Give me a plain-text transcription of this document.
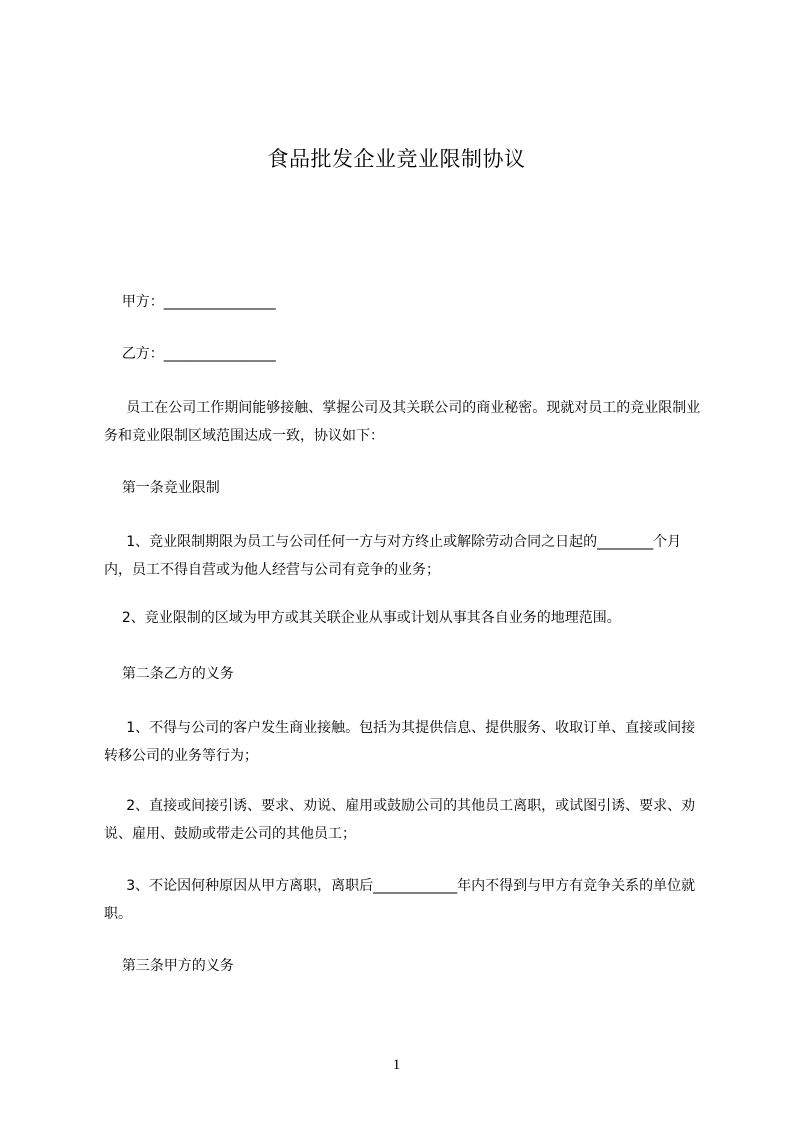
食品批发企业竞业限制协议
甲方：________________
乙方：________________
员工在公司工作期间能够接触、掌握公司及其关联公司的商业秘密。现就对员工的竞业限制业务和竞业限制区域范围达成一致，协议如下：
第一条竞业限制
1、竞业限制期限为员工与公司任何一方与对方终止或解除劳动合同之日起的________个月内，员工不得自营或为他人经营与公司有竞争的业务；
2、竞业限制的区域为甲方或其关联企业从事或计划从事其各自业务的地理范围。
第二条乙方的义务
1、不得与公司的客户发生商业接触。包括为其提供信息、提供服务、收取订单、直接或间接转移公司的业务等行为；
2、直接或间接引诱、要求、劝说、雇用或鼓励公司的其他员工离职，或试图引诱、要求、劝说、雇用、鼓励或带走公司的其他员工；
3、不论因何种原因从甲方离职，离职后____________年内不得到与甲方有竞争关系的单位就职。
第三条甲方的义务
1
